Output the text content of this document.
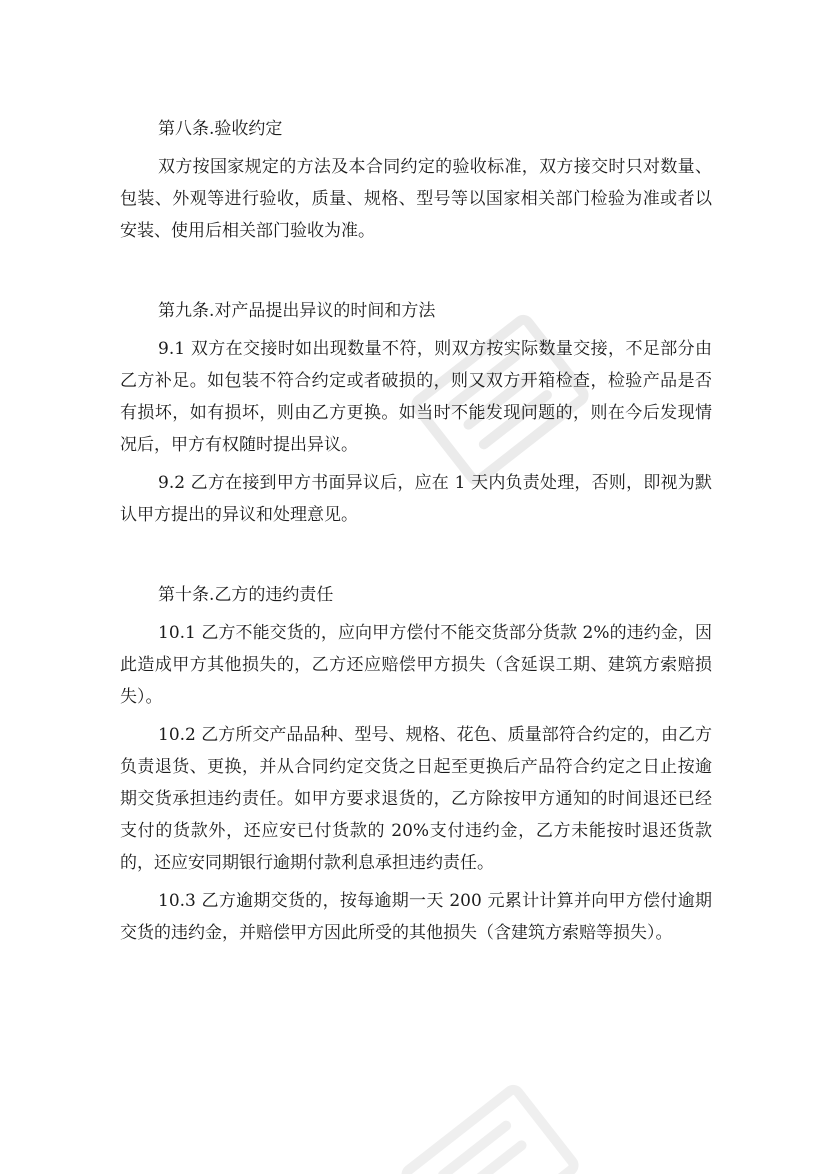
第八条.验收约定

双方按国家规定的方法及本合同约定的验收标准，双方接交时只对数量、包装、外观等进行验收，质量、规格、型号等以国家相关部门检验为准或者以安装、使用后相关部门验收为准。

第九条.对产品提出异议的时间和方法

9.1 双方在交接时如出现数量不符，则双方按实际数量交接，不足部分由乙方补足。如包装不符合约定或者破损的，则又双方开箱检查，检验产品是否有损坏，如有损坏，则由乙方更换。如当时不能发现问题的，则在今后发现情况后，甲方有权随时提出异议。

9.2 乙方在接到甲方书面异议后，应在 1 天内负责处理，否则，即视为默认甲方提出的异议和处理意见。

第十条.乙方的违约责任

10.1 乙方不能交货的，应向甲方偿付不能交货部分货款 2%的违约金，因此造成甲方其他损失的，乙方还应赔偿甲方损失（含延误工期、建筑方索赔损失）。

10.2 乙方所交产品品种、型号、规格、花色、质量部符合约定的，由乙方负责退货、更换，并从合同约定交货之日起至更换后产品符合约定之日止按逾期交货承担违约责任。如甲方要求退货的，乙方除按甲方通知的时间退还已经支付的货款外，还应安已付货款的 20%支付违约金，乙方未能按时退还货款的，还应安同期银行逾期付款利息承担违约责任。

10.3 乙方逾期交货的，按每逾期一天 200 元累计计算并向甲方偿付逾期交货的违约金，并赔偿甲方因此所受的其他损失（含建筑方索赔等损失）。
